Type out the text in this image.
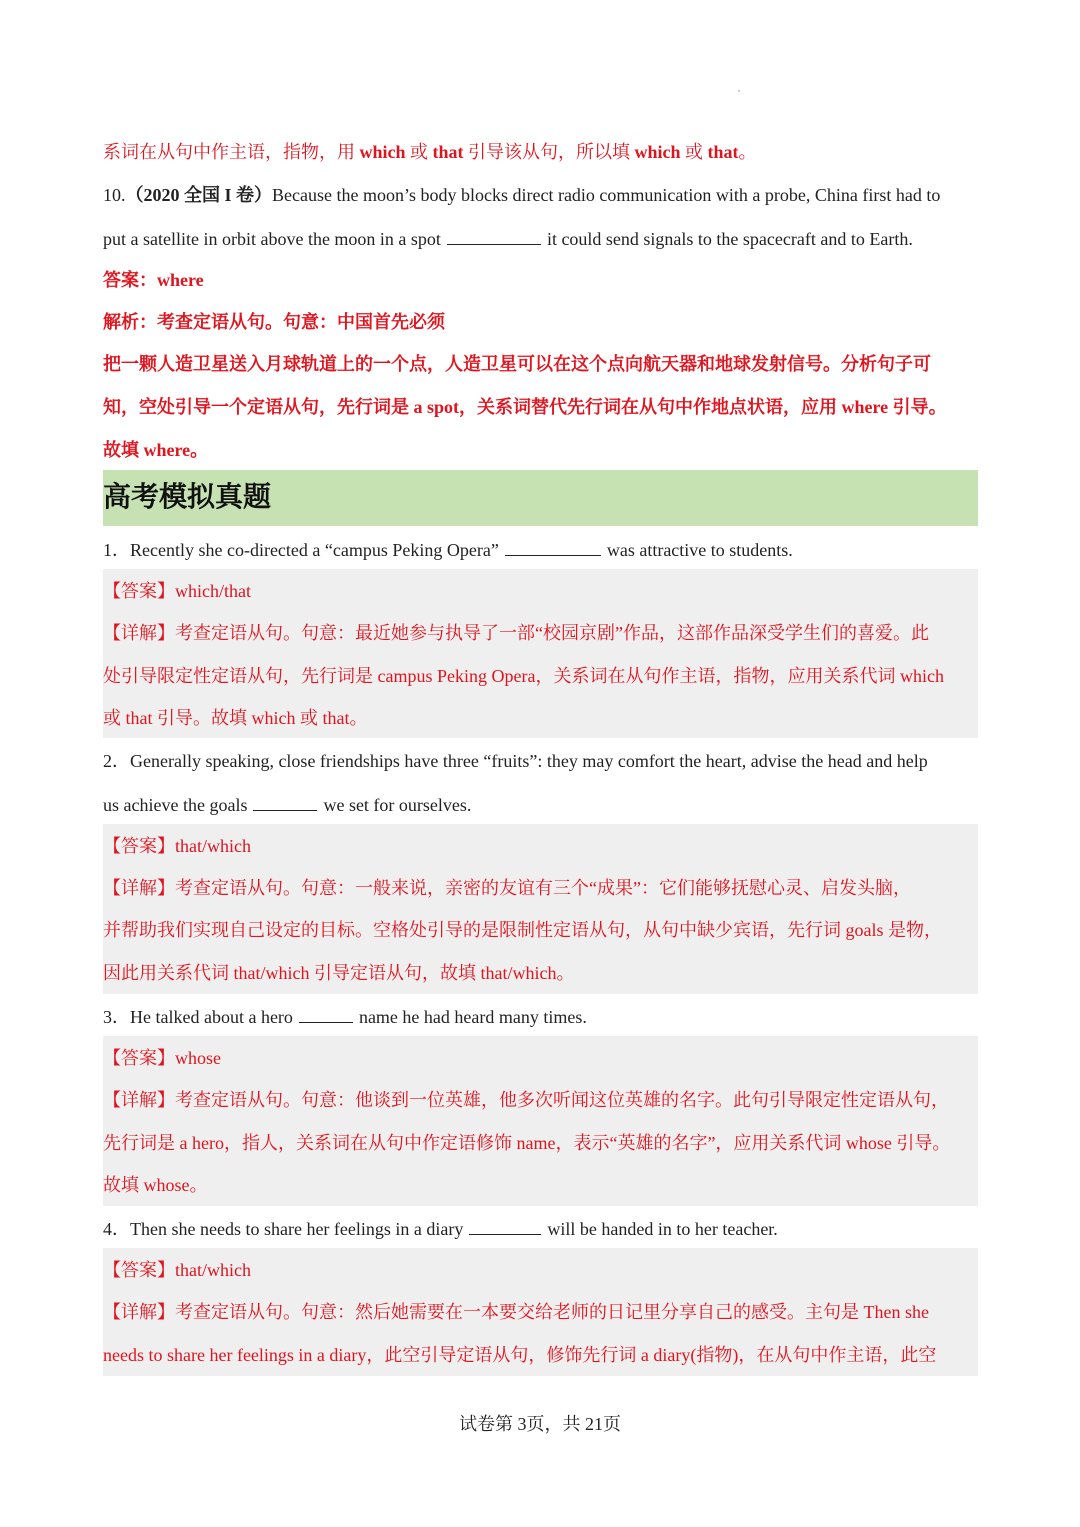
系词在从句中作主语，指物，用 which 或 that 引导该从句，所以填 which 或 that。
10.（2020 全国 I 卷）Because the moon’s body blocks direct radio communication with a probe, China first had to
put a satellite in orbit above the moon in a spot	it could send signals to the spacecraft and to Earth.
答案：where
解析：考查定语从句。句意：中国首先必须
把一颗人造卫星送入月球轨道上的一个点，人造卫星可以在这个点向航天器和地球发射信号。分析句子可
知，空处引导一个定语从句，先行词是 a spot，关系词替代先行词在从句中作地点状语，应用 where 引导。
故填 where。
高考模拟真题
1．Recently she co-directed a “campus Peking Opera”	was attractive to students.
【答案】which/that
【详解】考查定语从句。句意：最近她参与执导了一部“校园京剧”作品，这部作品深受学生们的喜爱。此
处引导限定性定语从句，先行词是 campus Peking Opera，关系词在从句作主语，指物，应用关系代词 which
或 that 引导。故填 which 或 that。
2．Generally speaking, close friendships have three “fruits”: they may comfort the heart, advise the head and help
us achieve the goals	we set for ourselves.
【答案】that/which
【详解】考查定语从句。句意：一般来说，亲密的友谊有三个“成果”：它们能够抚慰心灵、启发头脑，
并帮助我们实现自己设定的目标。空格处引导的是限制性定语从句，从句中缺少宾语，先行词 goals 是物，
因此用关系代词 that/which 引导定语从句，故填 that/which。
3．He talked about a hero	name he had heard many times.
【答案】whose
【详解】考查定语从句。句意：他谈到一位英雄，他多次听闻这位英雄的名字。此句引导限定性定语从句，
先行词是 a hero，指人，关系词在从句中作定语修饰 name，表示“英雄的名字”，应用关系代词 whose 引导。
故填 whose。
4．Then she needs to share her feelings in a diary	will be handed in to her teacher.
【答案】that/which
【详解】考查定语从句。句意：然后她需要在一本要交给老师的日记里分享自己的感受。主句是 Then she
needs to share her feelings in a diary，此空引导定语从句，修饰先行词 a diary(指物)，在从句中作主语，此空
试卷第 3页，共 21页
